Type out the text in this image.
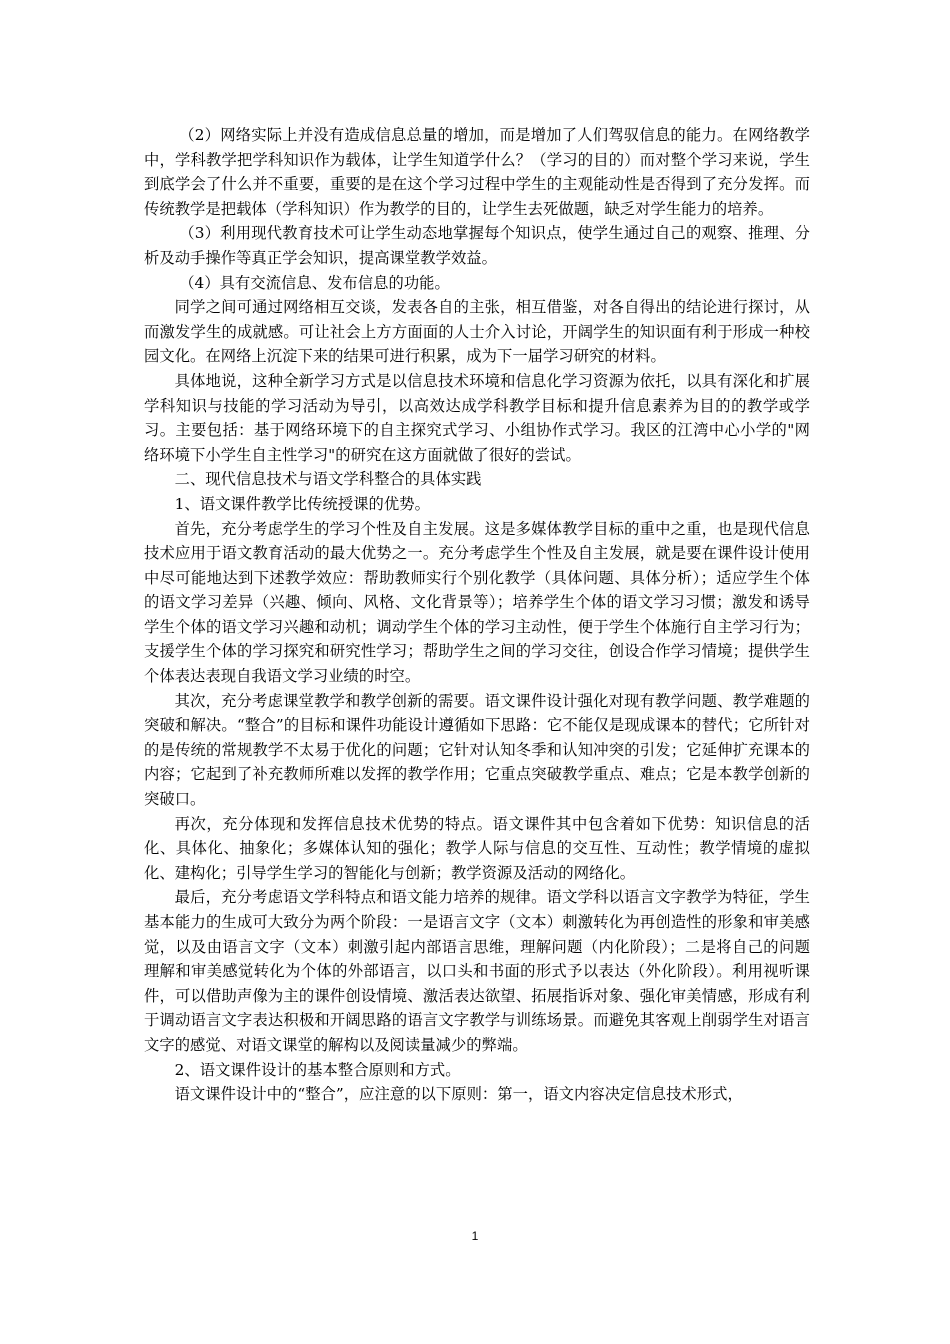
（2）网络实际上并没有造成信息总量的增加，而是增加了人们驾驭信息的能力。在网络教学中，学科教学把学科知识作为载体，让学生知道学什么？（学习的目的）而对整个学习来说，学生到底学会了什么并不重要，重要的是在这个学习过程中学生的主观能动性是否得到了充分发挥。而传统教学是把载体（学科知识）作为教学的目的，让学生去死做题，缺乏对学生能力的培养。

（3）利用现代教育技术可让学生动态地掌握每个知识点，使学生通过自己的观察、推理、分析及动手操作等真正学会知识，提高课堂教学效益。

（4）具有交流信息、发布信息的功能。

同学之间可通过网络相互交谈，发表各自的主张，相互借鉴，对各自得出的结论进行探讨，从而激发学生的成就感。可让社会上方方面面的人士介入讨论，开阔学生的知识面有利于形成一种校园文化。在网络上沉淀下来的结果可进行积累，成为下一届学习研究的材料。

具体地说，这种全新学习方式是以信息技术环境和信息化学习资源为依托，以具有深化和扩展学科知识与技能的学习活动为导引，以高效达成学科教学目标和提升信息素养为目的的教学或学习。主要包括：基于网络环境下的自主探究式学习、小组协作式学习。我区的江湾中心小学的"网络环境下小学生自主性学习"的研究在这方面就做了很好的尝试。

二、现代信息技术与语文学科整合的具体实践

1、语文课件教学比传统授课的优势。

首先，充分考虑学生的学习个性及自主发展。这是多媒体教学目标的重中之重，也是现代信息技术应用于语文教育活动的最大优势之一。充分考虑学生个性及自主发展，就是要在课件设计使用中尽可能地达到下述教学效应：帮助教师实行个别化教学（具体问题、具体分析）；适应学生个体的语文学习差异（兴趣、倾向、风格、文化背景等）；培养学生个体的语文学习习惯；激发和诱导学生个体的语文学习兴趣和动机；调动学生个体的学习主动性，便于学生个体施行自主学习行为；支援学生个体的学习探究和研究性学习；帮助学生之间的学习交往，创设合作学习情境；提供学生个体表达表现自我语文学习业绩的时空。

其次，充分考虑课堂教学和教学创新的需要。语文课件设计强化对现有教学问题、教学难题的突破和解决。“整合”的目标和课件功能设计遵循如下思路：它不能仅是现成课本的替代；它所针对的是传统的常规教学不太易于优化的问题；它针对认知冬季和认知冲突的引发；它延伸扩充课本的内容；它起到了补充教师所难以发挥的教学作用；它重点突破教学重点、难点；它是本教学创新的突破口。

再次，充分体现和发挥信息技术优势的特点。语文课件其中包含着如下优势：知识信息的活化、具体化、抽象化；多媒体认知的强化；教学人际与信息的交互性、互动性；教学情境的虚拟化、建构化；引导学生学习的智能化与创新；教学资源及活动的网络化。

最后，充分考虑语文学科特点和语文能力培养的规律。语文学科以语言文字教学为特征，学生基本能力的生成可大致分为两个阶段：一是语言文字（文本）刺激转化为再创造性的形象和审美感觉，以及由语言文字（文本）刺激引起内部语言思维，理解问题（内化阶段）；二是将自己的问题理解和审美感觉转化为个体的外部语言，以口头和书面的形式予以表达（外化阶段）。利用视听课件，可以借助声像为主的课件创设情境、激活表达欲望、拓展指诉对象、强化审美情感，形成有利于调动语言文字表达积极和开阔思路的语言文字教学与训练场景。而避免其客观上削弱学生对语言文字的感觉、对语文课堂的解构以及阅读量减少的弊端。

2、语文课件设计的基本整合原则和方式。

语文课件设计中的“整合”，应注意的以下原则：第一，语文内容决定信息技术形式，

1
